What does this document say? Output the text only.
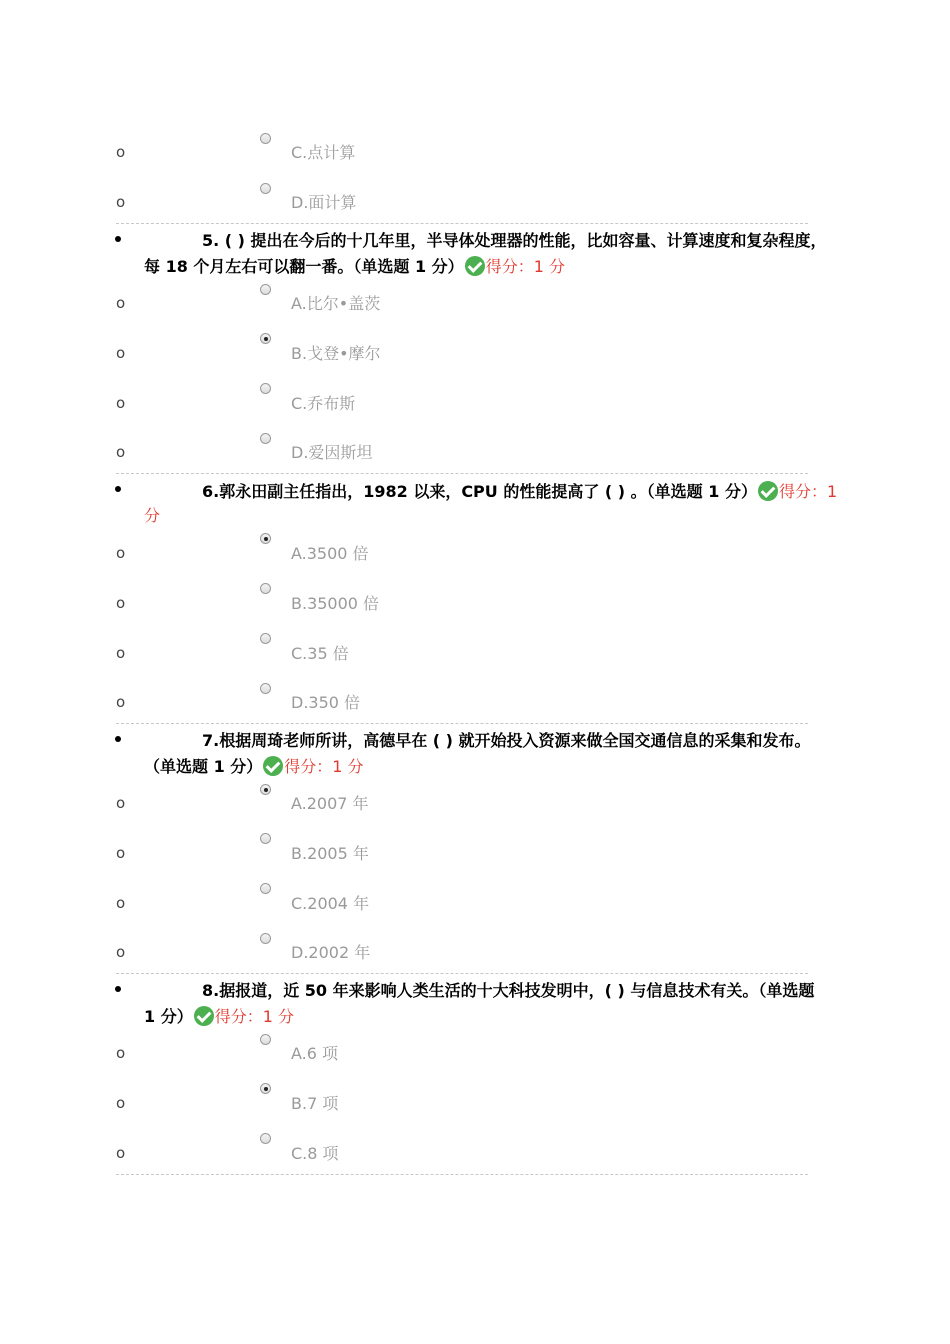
o	C.点计算
o	D.面计算
5. ( ) 提出在今后的十几年里，半导体处理器的性能，比如容量、计算速度和复杂程度，
每 18 个月左右可以翻一番。（单选题 1 分） 得分：1 分
o	A.比尔•盖茨
o	B.戈登•摩尔
o	C.乔布斯
o	D.爱因斯坦
6.郭永田副主任指出，1982 以来，CPU 的性能提高了 ( ) 。（单选题 1 分） 得分：1
分
o	A.3500 倍
o	B.35000 倍
o	C.35 倍
o	D.350 倍
7.根据周琦老师所讲，高德早在 ( ) 就开始投入资源来做全国交通信息的采集和发布。
（单选题 1 分） 得分：1 分
o	A.2007 年
o	B.2005 年
o	C.2004 年
o	D.2002 年
8.据报道，近 50 年来影响人类生活的十大科技发明中，( ) 与信息技术有关。（单选题
1 分） 得分：1 分
o	A.6 项
o	B.7 项
o	C.8 项
